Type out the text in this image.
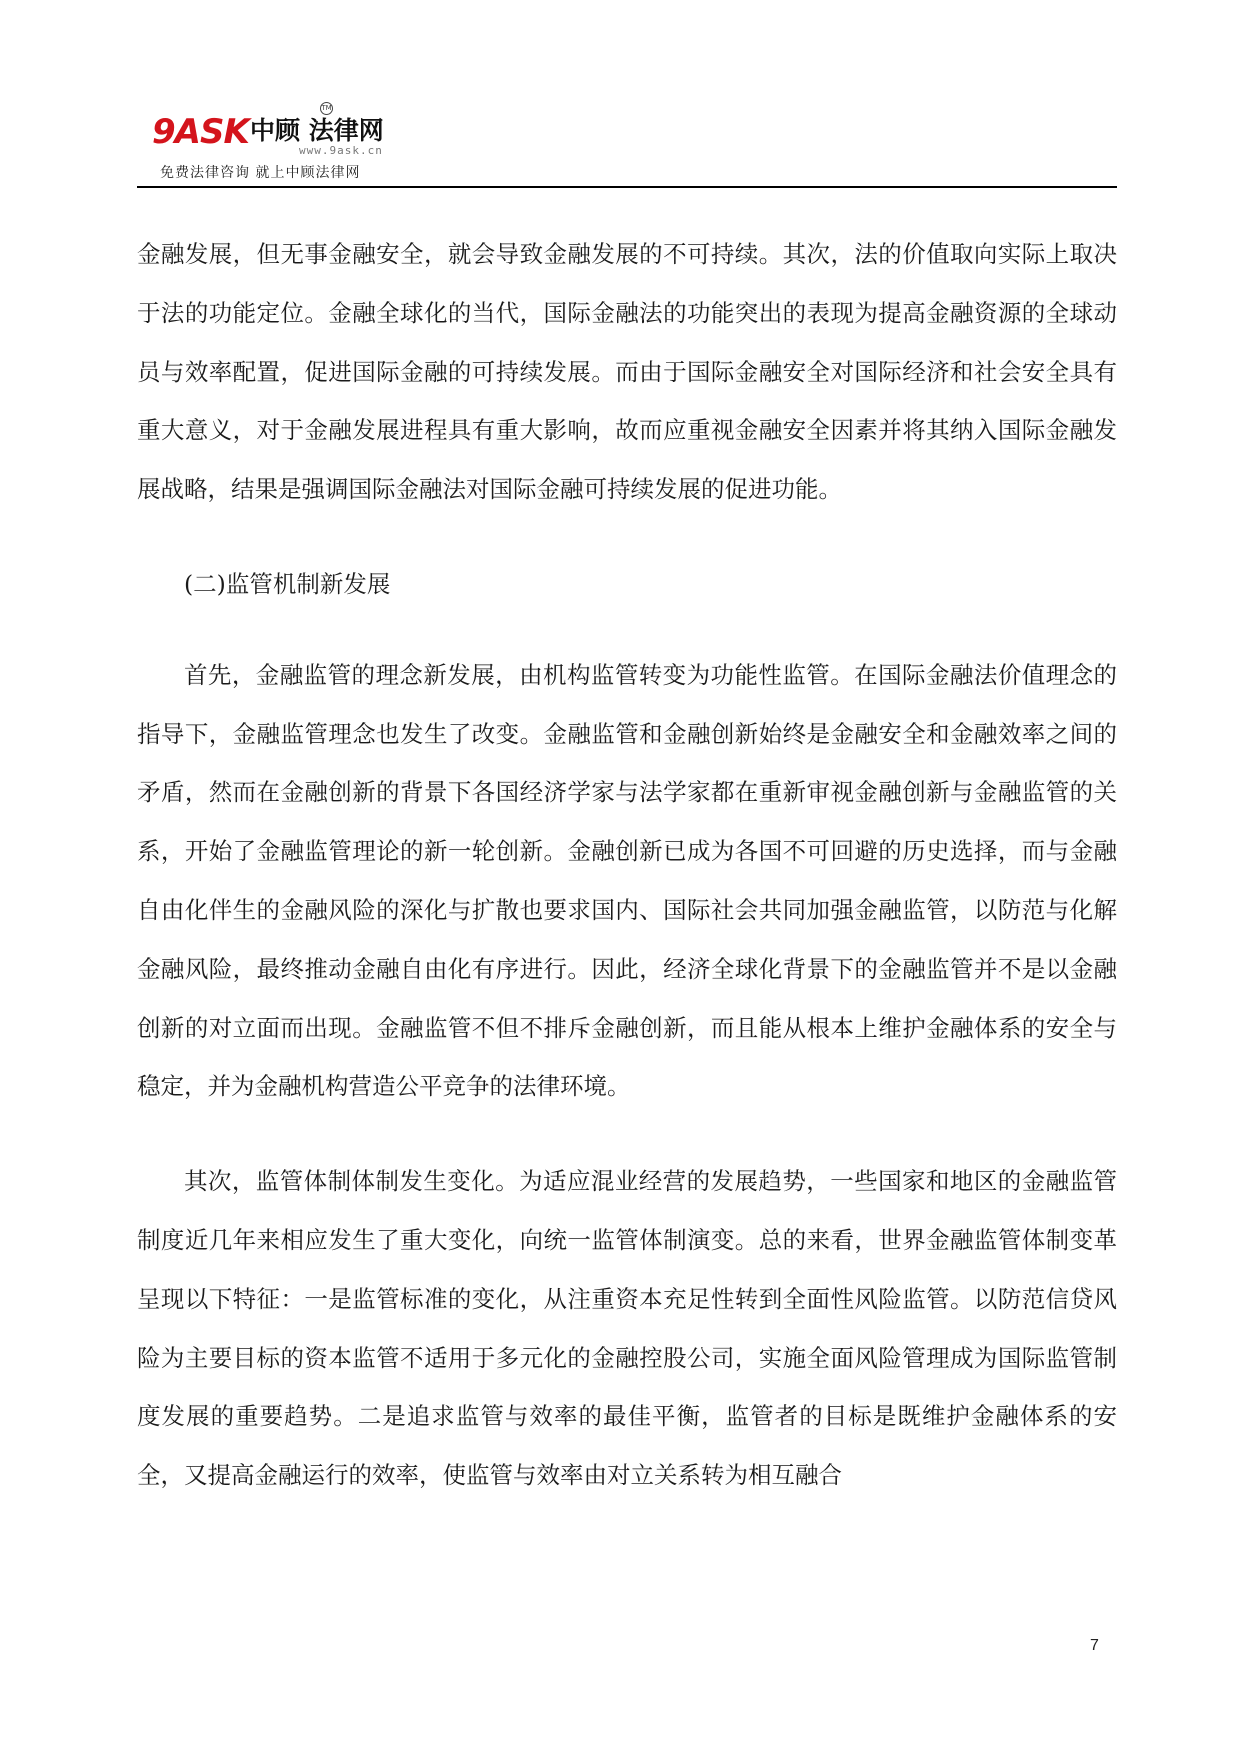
9ASK 中顾 法律网
TM
www.9ask.cn
免费法律咨询 就上中顾法律网

金融发展，但无事金融安全，就会导致金融发展的不可持续。其次，法的价值取向实际上取决于法的功能定位。金融全球化的当代，国际金融法的功能突出的表现为提高金融资源的全球动员与效率配置，促进国际金融的可持续发展。而由于国际金融安全对国际经济和社会安全具有重大意义，对于金融发展进程具有重大影响，故而应重视金融安全因素并将其纳入国际金融发展战略，结果是强调国际金融法对国际金融可持续发展的促进功能。

(二)监管机制新发展

首先，金融监管的理念新发展，由机构监管转变为功能性监管。在国际金融法价值理念的指导下，金融监管理念也发生了改变。金融监管和金融创新始终是金融安全和金融效率之间的矛盾，然而在金融创新的背景下各国经济学家与法学家都在重新审视金融创新与金融监管的关系，开始了金融监管理论的新一轮创新。金融创新已成为各国不可回避的历史选择，而与金融自由化伴生的金融风险的深化与扩散也要求国内、国际社会共同加强金融监管，以防范与化解金融风险，最终推动金融自由化有序进行。因此，经济全球化背景下的金融监管并不是以金融创新的对立面而出现。金融监管不但不排斥金融创新，而且能从根本上维护金融体系的安全与稳定，并为金融机构营造公平竞争的法律环境。

其次，监管体制体制发生变化。为适应混业经营的发展趋势，一些国家和地区的金融监管制度近几年来相应发生了重大变化，向统一监管体制演变。总的来看，世界金融监管体制变革呈现以下特征：一是监管标准的变化，从注重资本充足性转到全面性风险监管。以防范信贷风险为主要目标的资本监管不适用于多元化的金融控股公司，实施全面风险管理成为国际监管制度发展的重要趋势。二是追求监管与效率的最佳平衡，监管者的目标是既维护金融体系的安全，又提高金融运行的效率，使监管与效率由对立关系转为相互融合

7
